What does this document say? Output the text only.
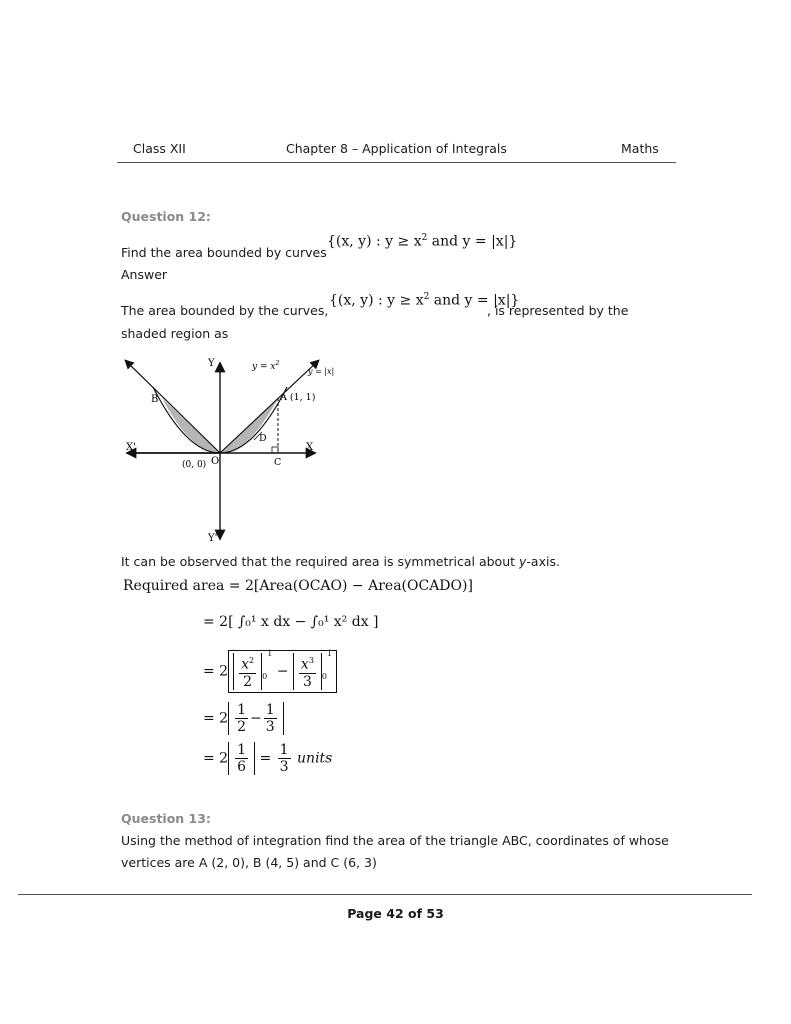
Class XII	Chapter 8 – Application of Integrals	Maths
Question 12:
Find the area bounded by curves
{(x, y) : $y \ge x^2$ and y = |x|}
Answer
The area bounded by the curves,
{(x, y) : $y \ge x^2$ and y = |x|}
, is represented by the
shaded region as
Y
Y'
X
X'
O
(0, 0)
A (1, 1)
B
C
D
$y = x^2$
y = |x|
It can be observed that the required area is symmetrical about y-axis.
Required area = 2[Area(OCAO) − Area(OCADO)]
= 2[ ∫₀¹ x dx − ∫₀¹ x² dx ]
= $2 \frac{x^2}{2} _0^1 - \frac{x^3}{3} _0^1$
= $2 \frac{1}{2} - \frac{1}{3}$
= $2 \frac{1}{6} = \frac{1}{3}$ units
Question 13:
Using the method of integration find the area of the triangle ABC, coordinates of whose
vertices are A (2, 0), B (4, 5) and C (6, 3)
Page 42 of 53
